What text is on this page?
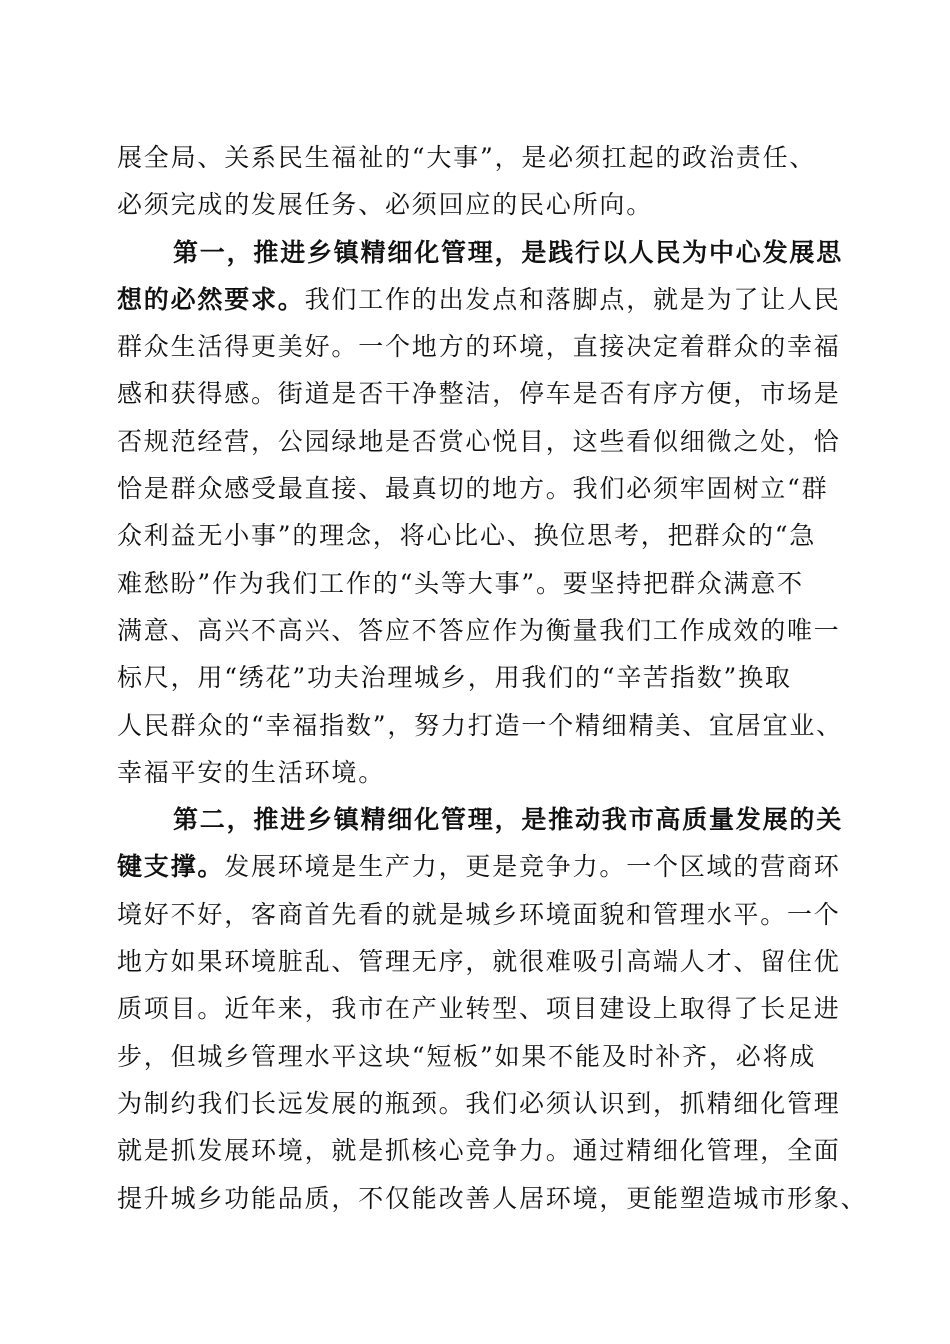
展全局、关系民生福祉的“大事”，是必须扛起的政治责任、
必须完成的发展任务、必须回应的民心所向。
第一，推进乡镇精细化管理，是践行以人民为中心发展思
想的必然要求。我们工作的出发点和落脚点，就是为了让人民
群众生活得更美好。一个地方的环境，直接决定着群众的幸福
感和获得感。街道是否干净整洁，停车是否有序方便，市场是
否规范经营，公园绿地是否赏心悦目，这些看似细微之处，恰
恰是群众感受最直接、最真切的地方。我们必须牢固树立“群
众利益无小事”的理念，将心比心、换位思考，把群众的“急
难愁盼”作为我们工作的“头等大事”。要坚持把群众满意不
满意、高兴不高兴、答应不答应作为衡量我们工作成效的唯一
标尺，用“绣花”功夫治理城乡，用我们的“辛苦指数”换取
人民群众的“幸福指数”，努力打造一个精细精美、宜居宜业、
幸福平安的生活环境。
第二，推进乡镇精细化管理，是推动我市高质量发展的关
键支撑。发展环境是生产力，更是竞争力。一个区域的营商环
境好不好，客商首先看的就是城乡环境面貌和管理水平。一个
地方如果环境脏乱、管理无序，就很难吸引高端人才、留住优
质项目。近年来，我市在产业转型、项目建设上取得了长足进
步，但城乡管理水平这块“短板”如果不能及时补齐，必将成
为制约我们长远发展的瓶颈。我们必须认识到，抓精细化管理
就是抓发展环境，就是抓核心竞争力。通过精细化管理，全面
提升城乡功能品质，不仅能改善人居环境，更能塑造城市形象、
